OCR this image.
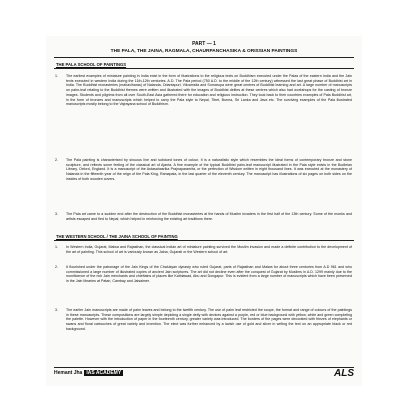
PART — 1
THE PALA, THE JAINA, RAGMALA, CHAURPANCHASIKA & ORISSIAN PAINTINGS
THE PALA SCHOOL OF PAINTINGS
1. The earliest examples of miniature painting in India exist in the form of illustrations to the religious texts on Buddhism executed under the Palas of the eastern India and the Jain texts executed in western India during the 11th-12th centuries. A.D. The Pala period (750 A.D. to the middle of the 12th century) witnessed the last great phase of Buddhist art in India. The Buddhist monasteries (mahaviharas) of Nalanda, Odantapuri, Vikramsila and Somarupa were great centres of Buddhist learning and art. A large number of manuscripts on palm-leaf relating to the Buddhist themes were written and illustrated with the images of Buddhist deities at these centres which also had workshops for the casting of bronze images. Students and pilgrims from all over South-East Asia gathered there for education and religious instruction. They took back to their countries examples of Pala Buddhist art, in the form of bronzes and manuscripts which helped to carry the Pala style to Nepal, Tibet, Burma, Sri Lanka and Java etc. The surviving examples of the Pala illustrated manuscripts mostly belong to the Vajrayana school of Buddhism.
2. The Pala painting is characterised by sinuous line and subdued tones of colour. It is a naturalistic style which resembles the ideal forms of contemporary bronze and stone sculpture, and reflects some feeling of the classical art of Ajanta. A fine example of the typical Buddhist palm-leaf manuscript illustrated in the Pala style exists in the Bodleian Library, Oxford, England. It is a manuscript of the Astasahasrika Prajnaparamita, or the perfection of Wisdom written in eight thousand lines. It was executed at the monastery of Nalanda in the fifteenth year of the reign of the Pala King, Ramapala, in the last quarter of the eleventh century. The manuscript has illustrations of six pages on both sides on the insides of both wooden covers.
3. The Pala art came to a sudden end after the destruction of the Buddhist monasteries at the hands of Muslim invaders in the first half of the 13th century. Some of the monks and artists escaped and fled to Nepal, which helped in reinforcing the existing art traditions there.
THE WESTERN SCHOOL / THE JAINA SCHOOL OF PAINTING
1. In Western India, Gujarat, Malwa and Rajasthan, the classical Indian art of miniature painting survived the Muslim invasion and made a definite contribution to the development of the art of painting. This school of art is variously known as Jaina, Gujarati or the Western school of art.
2. It flourished under the patronage of the Jain Kings of the Chalukyan dynasty who ruled Gujarat, parts of Rajasthan and Malwa for about three centuries from A.D 961 and who commissioned a large number of illustrated copies of ancient Jain scriptures. The art did not decline even after the conquest of Gujarat by Muslims in A.D. 1299 mainly due to the munificence of the rich Jain merchants and chieftains of places like Kathiawad, Abu and Dongapur. This is evident from a large number of manuscripts which have been preserved in the Jain libraries at Patan, Cambay and Jaisalmer.
3. The earlier Jain manuscripts are made of palm leaves and belong to the twelfth century. The use of palm leaf restricted the scope, the format and range of colours of the paintings in these manuscripts. These compositions are largely simple depicting a single deity with devices against a purple, red or blue background with yellow, white and green completing the palette. However with the introduction of paper in the fourteenth century, greater variety was introduced. The borders of the pages were decorated with friezes of elephants or swans and floral cartouches of great variety and invention. The elect was further enhanced by a lavish use of gold and silver in writing the text on an appropriate black or red background.
Hemant Jha IAS ACADEMY	ALS
